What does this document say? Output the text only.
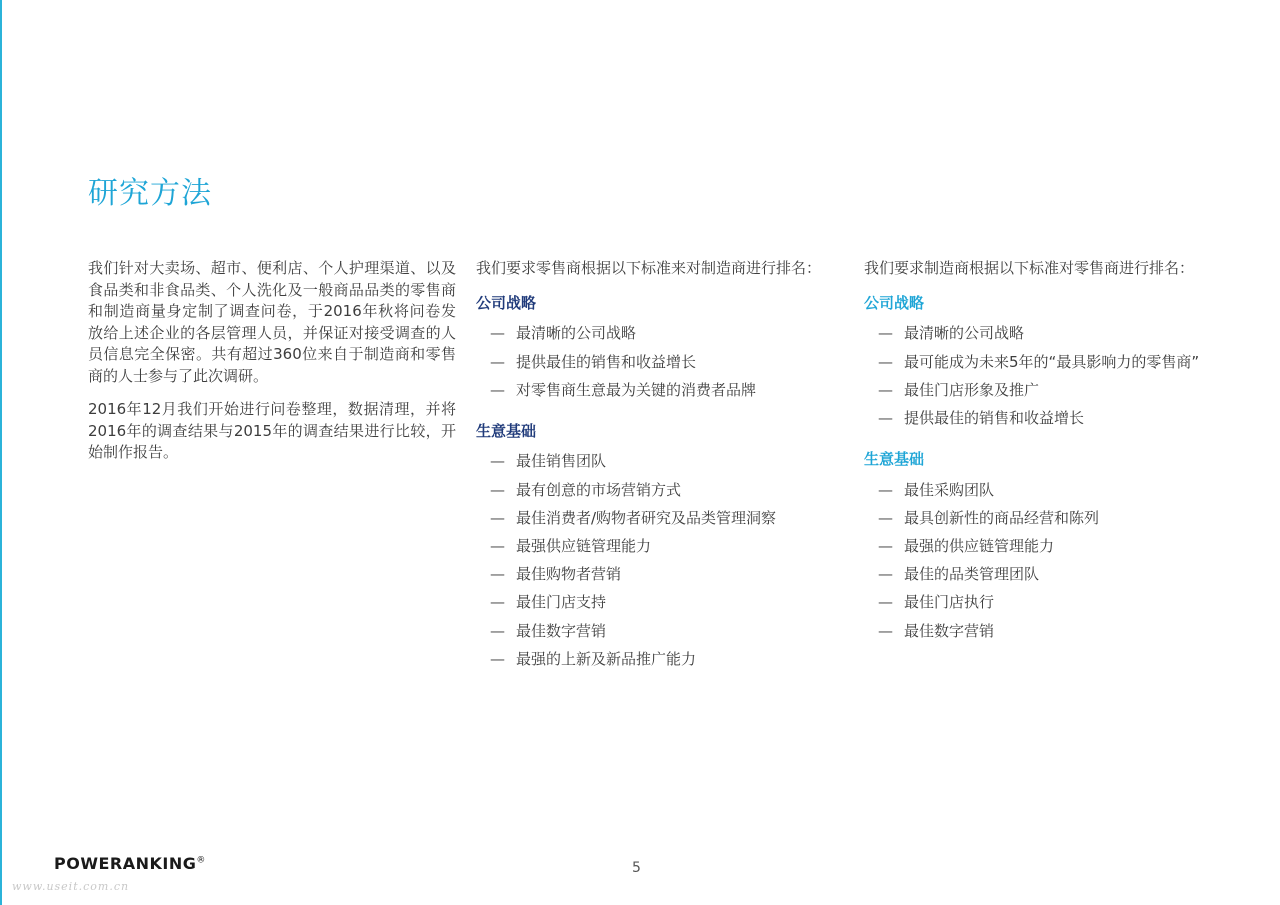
研究方法

我们针对大卖场、超市、便利店、个人护理渠道、以及食品类和非食品类、个人洗化及一般商品品类的零售商和制造商量身定制了调查问卷，于2016年秋将问卷发放给上述企业的各层管理人员，并保证对接受调查的人员信息完全保密。共有超过360位来自于制造商和零售商的人士参与了此次调研。

2016年12月我们开始进行问卷整理，数据清理，并将2016年的调查结果与2015年的调查结果进行比较，开始制作报告。

我们要求零售商根据以下标准来对制造商进行排名：
公司战略
— 最清晰的公司战略
— 提供最佳的销售和收益增长
— 对零售商生意最为关键的消费者品牌
生意基础
— 最佳销售团队
— 最有创意的市场营销方式
— 最佳消费者/购物者研究及品类管理洞察
— 最强供应链管理能力
— 最佳购物者营销
— 最佳门店支持
— 最佳数字营销
— 最强的上新及新品推广能力
我们要求制造商根据以下标准对零售商进行排名：
公司战略
— 最清晰的公司战略
— 最可能成为未来5年的“最具影响力的零售商”
— 最佳门店形象及推广
— 提供最佳的销售和收益增长
生意基础
— 最佳采购团队
— 最具创新性的商品经营和陈列
— 最强的供应链管理能力
— 最佳的品类管理团队
— 最佳门店执行
— 最佳数字营销
POWERANKING®	5
www.useit.com.cn
